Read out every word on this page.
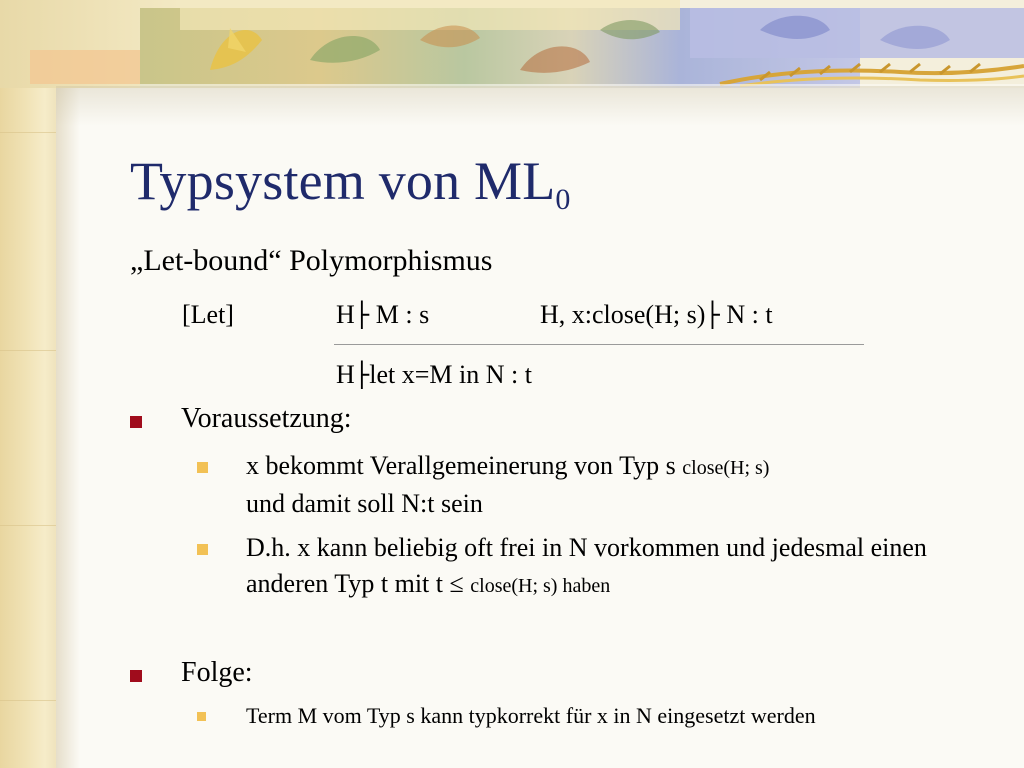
Typsystem von $ML_0$
„Let-bound“ Polymorphismus
[Let]	H├ M : s	H, x:close(H; s)├ N : t
H├let x=M in N : t
Voraussetzung:
x bekommt Verallgemeinerung von Typ s close(H; s)
und damit soll N:t sein
D.h. x kann beliebig oft frei in N vorkommen und jedesmal einen anderen Typ t mit t ≤ close(H; s) haben
Folge:
Term M vom Typ s kann typkorrekt für x in N eingesetzt werden
